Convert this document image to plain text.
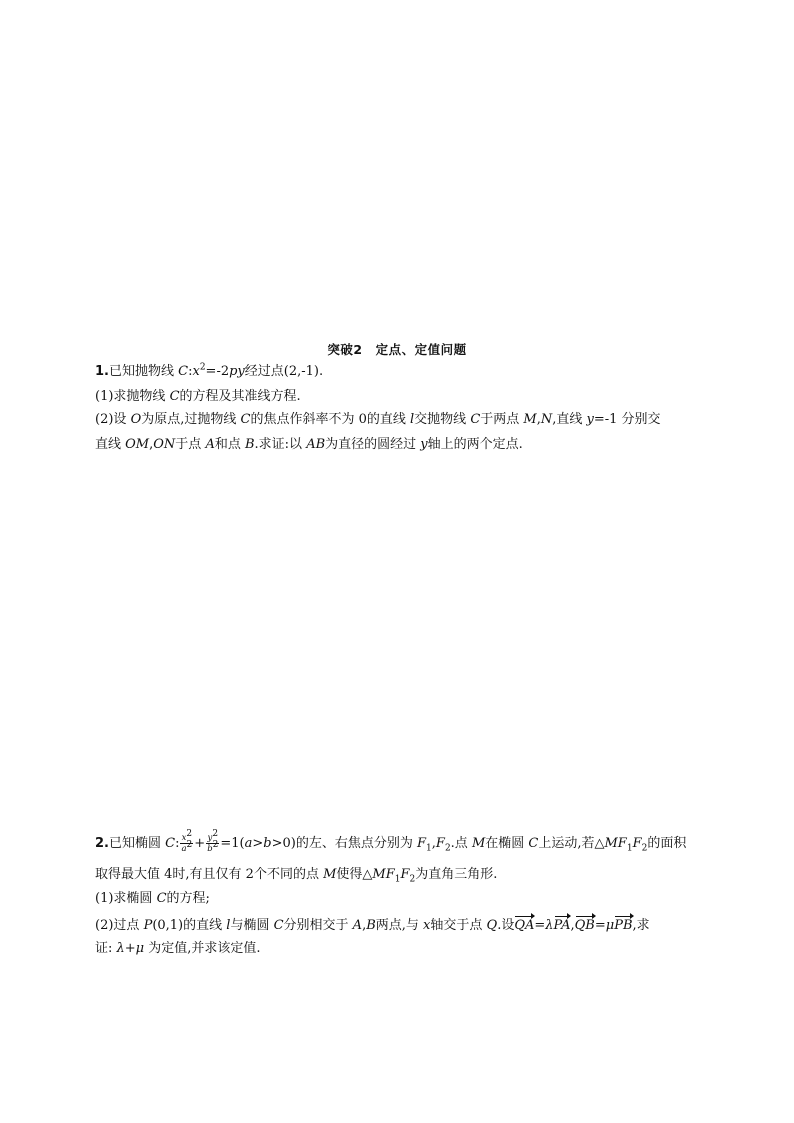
突破2　定点、定值问题
1.已知抛物线 $C:x^2=-2py$经过点(2,-1).
(1)求抛物线 C的方程及其准线方程.
(2)设 O为原点,过抛物线 C的焦点作斜率不为 0的直线 l交抛物线 C于两点 M,N,直线 y=-1 分别交
直线 OM,ON于点 A和点 B.求证:以 AB为直径的圆经过 y轴上的两个定点.
2.已知椭圆 C: $\frac{x^2}{a^2} + \frac{y^2}{b^2} =1(a>b>0)$的左、右焦点分别为 $F_1,F_2$.点 M在椭圆 C上运动,若$\triangle MF_1F_2$的面积
取得最大值 4时,有且仅有 2个不同的点 M使得$\triangle MF_1F_2$为直角三角形.
(1)求椭圆 C的方程;
(2)过点 P(0,1)的直线 l与椭圆 C分别相交于 A,B两点,与 x轴交于点 Q.设QA=λPA,QB=μPB,求
证: λ+μ 为定值,并求该定值.
